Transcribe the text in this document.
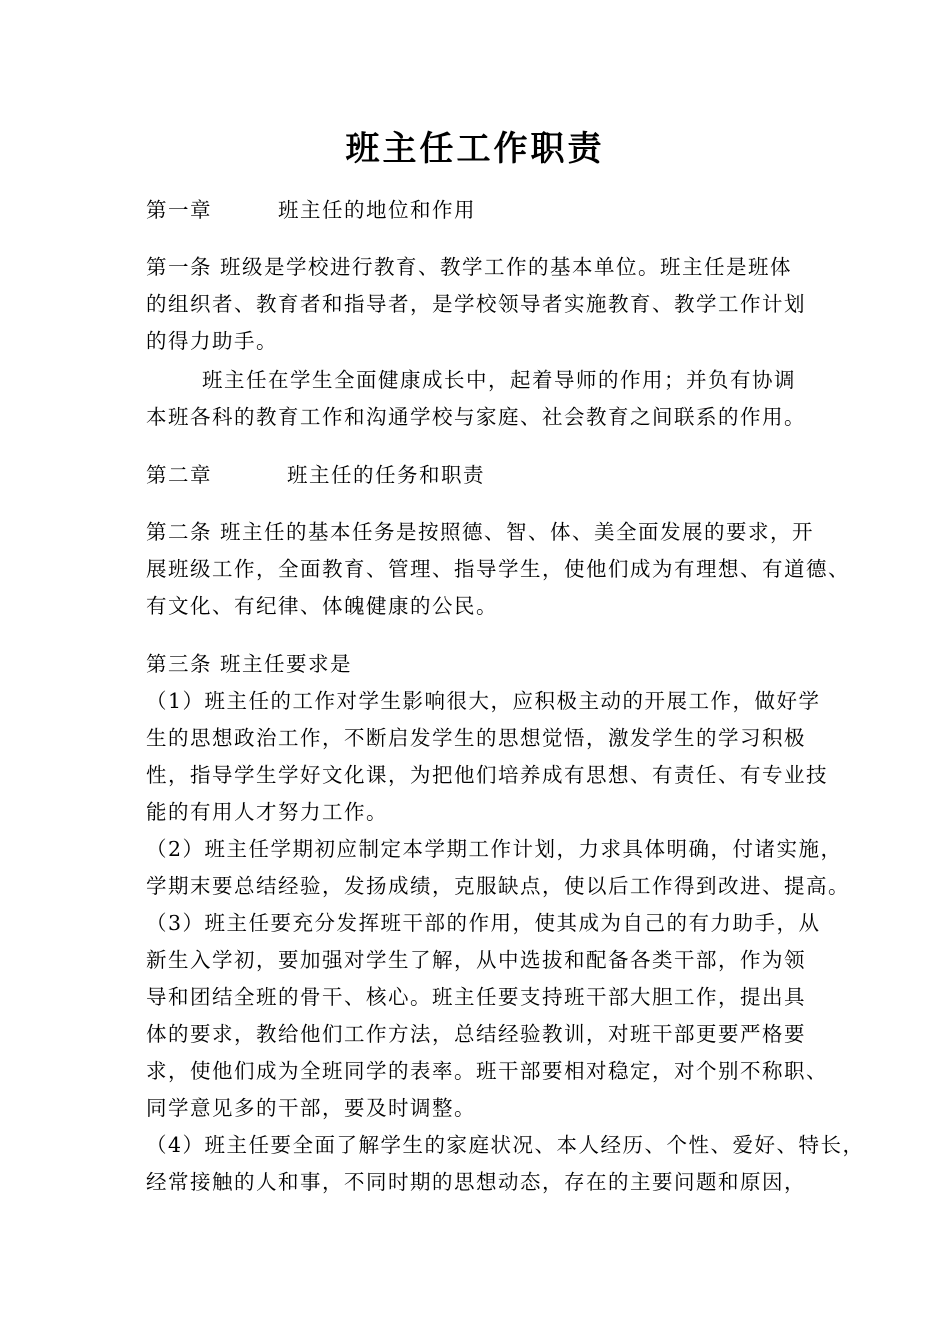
班主任工作职责
第一章	班主任的地位和作用
第一条 班级是学校进行教育、教学工作的基本单位。班主任是班体
的组织者、教育者和指导者，是学校领导者实施教育、教学工作计划
的得力助手。
班主任在学生全面健康成长中，起着导师的作用；并负有协调
本班各科的教育工作和沟通学校与家庭、社会教育之间联系的作用。
第二章	班主任的任务和职责
第二条 班主任的基本任务是按照德、智、体、美全面发展的要求，开
展班级工作，全面教育、管理、指导学生，使他们成为有理想、有道德、
有文化、有纪律、体魄健康的公民。
第三条 班主任要求是
（1）班主任的工作对学生影响很大，应积极主动的开展工作，做好学
生的思想政治工作，不断启发学生的思想觉悟，激发学生的学习积极
性，指导学生学好文化课，为把他们培养成有思想、有责任、有专业技
能的有用人才努力工作。
（2）班主任学期初应制定本学期工作计划，力求具体明确，付诸实施，
学期末要总结经验，发扬成绩，克服缺点，使以后工作得到改进、提高。
（3）班主任要充分发挥班干部的作用，使其成为自己的有力助手，从
新生入学初，要加强对学生了解，从中选拔和配备各类干部，作为领
导和团结全班的骨干、核心。班主任要支持班干部大胆工作，提出具
体的要求，教给他们工作方法，总结经验教训，对班干部更要严格要
求，使他们成为全班同学的表率。班干部要相对稳定，对个别不称职、
同学意见多的干部，要及时调整。
（4）班主任要全面了解学生的家庭状况、本人经历、个性、爱好、特长，
经常接触的人和事，不同时期的思想动态，存在的主要问题和原因，
